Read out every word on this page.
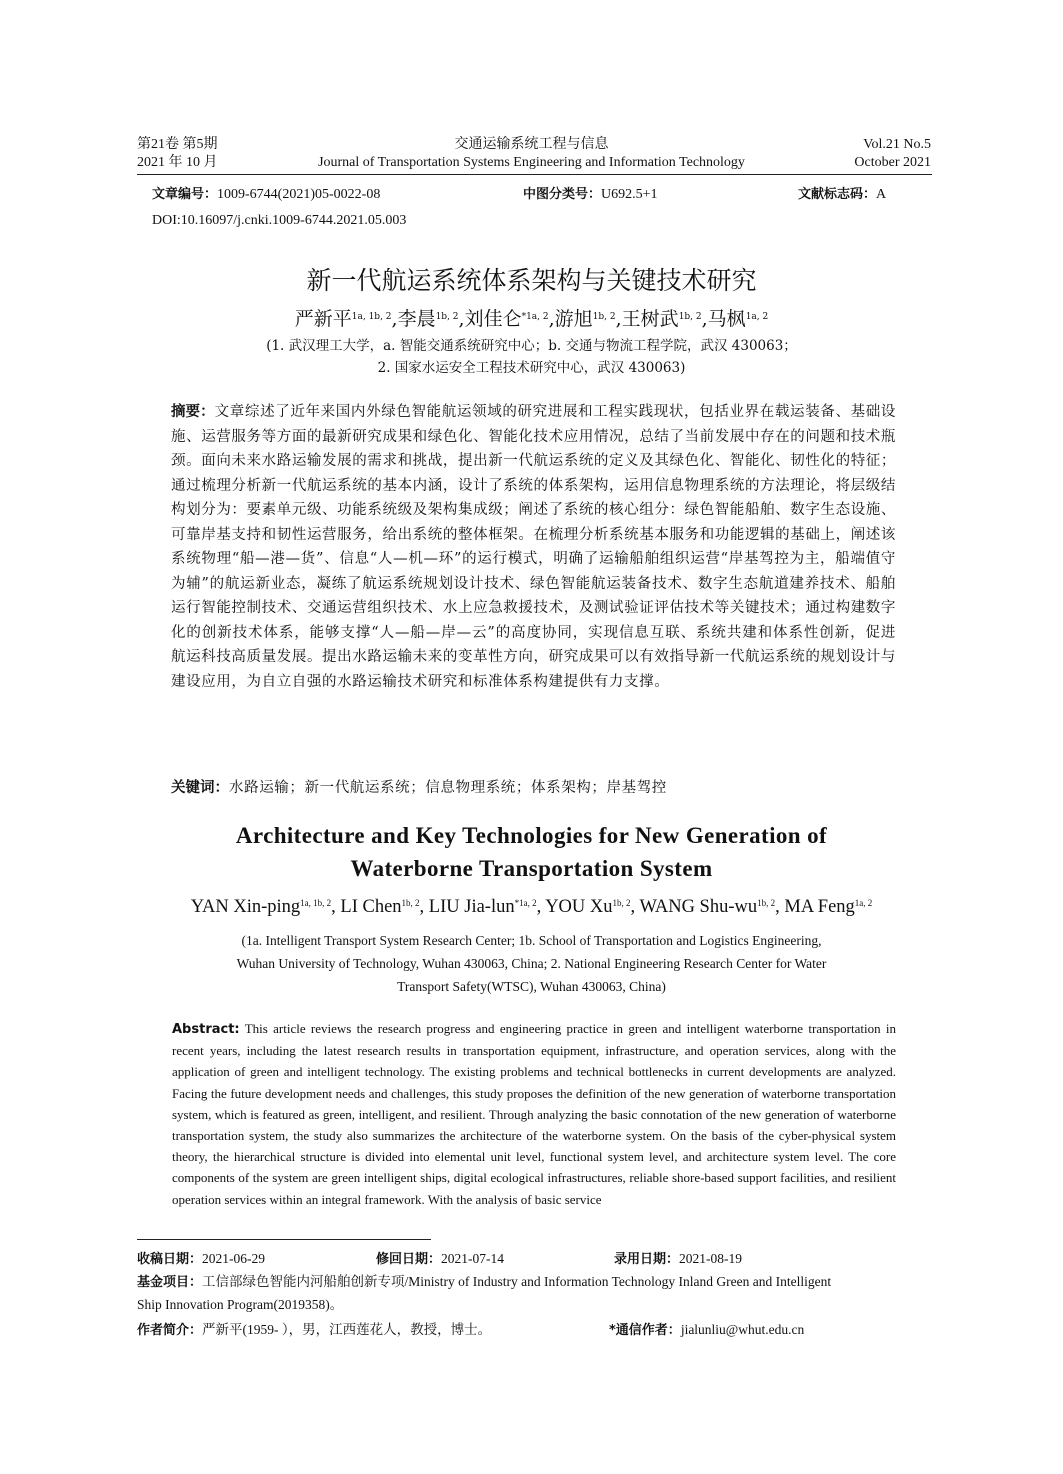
第21卷 第5期
2021 年 10 月
交通运输系统工程与信息
Journal of Transportation Systems Engineering and Information Technology
Vol.21 No.5
October 2021
文章编号：1009-6744(2021)05-0022-08	中图分类号：U692.5+1	文献标志码：A
DOI:10.16097/j.cnki.1009-6744.2021.05.003
新一代航运系统体系架构与关键技术研究
严新平$^{1a, 1b, 2}$,李晨$^{1b, 2}$,刘佳仑$^{*1a, 2}$,游旭$^{1b, 2}$,王树武$^{1b, 2}$,马枫$^{1a, 2}$
(1. 武汉理工大学，a. 智能交通系统研究中心；b. 交通与物流工程学院，武汉 430063；
2. 国家水运安全工程技术研究中心，武汉 430063)
摘要：文章综述了近年来国内外绿色智能航运领域的研究进展和工程实践现状，包括业界在载运装备、基础设施、运营服务等方面的最新研究成果和绿色化、智能化技术应用情况，总结了当前发展中存在的问题和技术瓶颈。面向未来水路运输发展的需求和挑战，提出新一代航运系统的定义及其绿色化、智能化、韧性化的特征；通过梳理分析新一代航运系统的基本内涵，设计了系统的体系架构，运用信息物理系统的方法理论，将层级结构划分为：要素单元级、功能系统级及架构集成级；阐述了系统的核心组分：绿色智能船舶、数字生态设施、可靠岸基支持和韧性运营服务，给出系统的整体框架。在梳理分析系统基本服务和功能逻辑的基础上，阐述该系统物理“船—港—货”、信息“人—机—环”的运行模式，明确了运输船舶组织运营“岸基驾控为主，船端值守为辅”的航运新业态，凝练了航运系统规划设计技术、绿色智能航运装备技术、数字生态航道建养技术、船舶运行智能控制技术、交通运营组织技术、水上应急救援技术，及测试验证评估技术等关键技术；通过构建数字化的创新技术体系，能够支撑“人—船—岸—云”的高度协同，实现信息互联、系统共建和体系性创新，促进航运科技高质量发展。提出水路运输未来的变革性方向，研究成果可以有效指导新一代航运系统的规划设计与建设应用，为自立自强的水路运输技术研究和标准体系构建提供有力支撑。
关键词：水路运输；新一代航运系统；信息物理系统；体系架构；岸基驾控
Architecture and Key Technologies for New Generation of
Waterborne Transportation System
YAN Xin-ping$^{1a, 1b, 2}$, LI Chen$^{1b, 2}$, LIU Jia-lun$^{*1a, 2}$, YOU $Xu^{1b, 2}$, WANG Shu-$wu^{1b, 2}$, MA Feng$^{1a, 2}$
(1a. Intelligent Transport System Research Center; 1b. School of Transportation and Logistics Engineering,
Wuhan University of Technology, Wuhan 430063, China; 2. National Engineering Research Center for Water
Transport Safety(WTSC), Wuhan 430063, China)
Abstract: This article reviews the research progress and engineering practice in green and intelligent waterborne transportation in recent years, including the latest research results in transportation equipment, infrastructure, and operation services, along with the application of green and intelligent technology. The existing problems and technical bottlenecks in current developments are analyzed. Facing the future development needs and challenges, this study proposes the definition of the new generation of waterborne transportation system, which is featured as green, intelligent, and resilient. Through analyzing the basic connotation of the new generation of waterborne transportation system, the study also summarizes the architecture of the waterborne system. On the basis of the cyber-physical system theory, the hierarchical structure is divided into elemental unit level, functional system level, and architecture system level. The core components of the system are green intelligent ships, digital ecological infrastructures, reliable shore-based support facilities, and resilient operation services within an integral framework. With the analysis of basic service
收稿日期：2021-06-29	修回日期：2021-07-14	录用日期：2021-08-19
基金项目：工信部绿色智能内河船舶创新专项/Ministry of Industry and Information Technology Inland Green and Intelligent
Ship Innovation Program(2019358)。
作者简介：严新平(1959- ），男，江西莲花人，教授，博士。	*通信作者：jialunliu@whut.edu.cn
